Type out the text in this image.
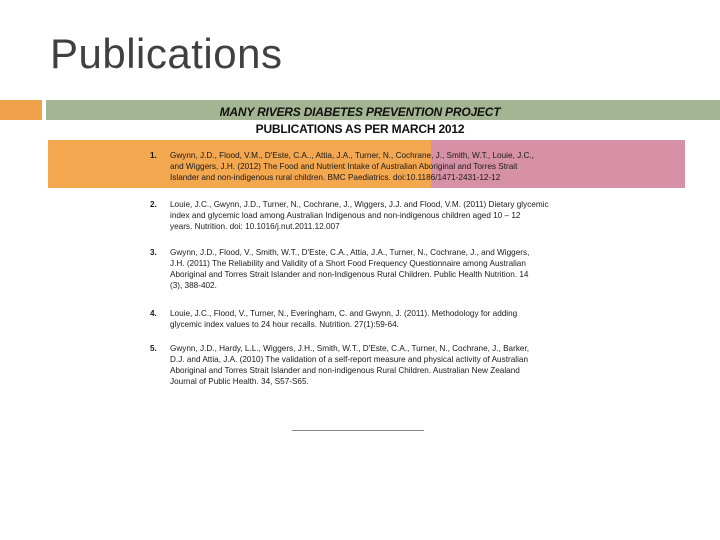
Publications
MANY RIVERS DIABETES PREVENTION PROJECT
PUBLICATIONS AS PER MARCH 2012
1. Gwynn, J.D., Flood, V.M., D'Este, C.A.., Attia, J.A., Turner, N., Cochrane, J., Smith, W.T., Louie, J.C.,
and Wiggers, J.H. (2012) The Food and Nutrient Intake of Australian Aboriginal and Torres Strait
Islander and non-indigenous rural children. BMC Paediatrics. doi:10.1186/1471-2431-12-12
2. Louie, J.C., Gwynn, J.D., Turner, N., Cochrane, J., Wiggers, J.J. and Flood, V.M. (2011) Dietary glycemic
index and glycemic load among Australian Indigenous and non-indigenous children aged 10 – 12
years. Nutrition. doi: 10.1016/j.nut.2011.12.007
3. Gwynn, J.D., Flood, V., Smith, W.T., D'Este, C.A., Attia, J.A., Turner, N., Cochrane, J., and Wiggers,
J.H. (2011) The Reliability and Validity of a Short Food Frequency Questionnaire among Australian
Aboriginal and Torres Strait Islander and non-Indigenous Rural Children. Public Health Nutrition. 14
(3), 388-402.
4. Louie, J.C., Flood, V., Turner, N., Everingham, C. and Gwynn, J. (2011). Methodology for adding
glycemic index values to 24 hour recalls. Nutrition. 27(1):59-64.
5. Gwynn, J.D., Hardy, L.L., Wiggers, J.H., Smith, W.T., D'Este, C.A., Turner, N., Cochrane, J., Barker,
D.J. and Attia, J.A. (2010) The validation of a self-report measure and physical activity of Australian
Aboriginal and Torres Strait Islander and non-indigenous Rural Children. Australian New Zealand
Journal of Public Health. 34, S57-S65.
